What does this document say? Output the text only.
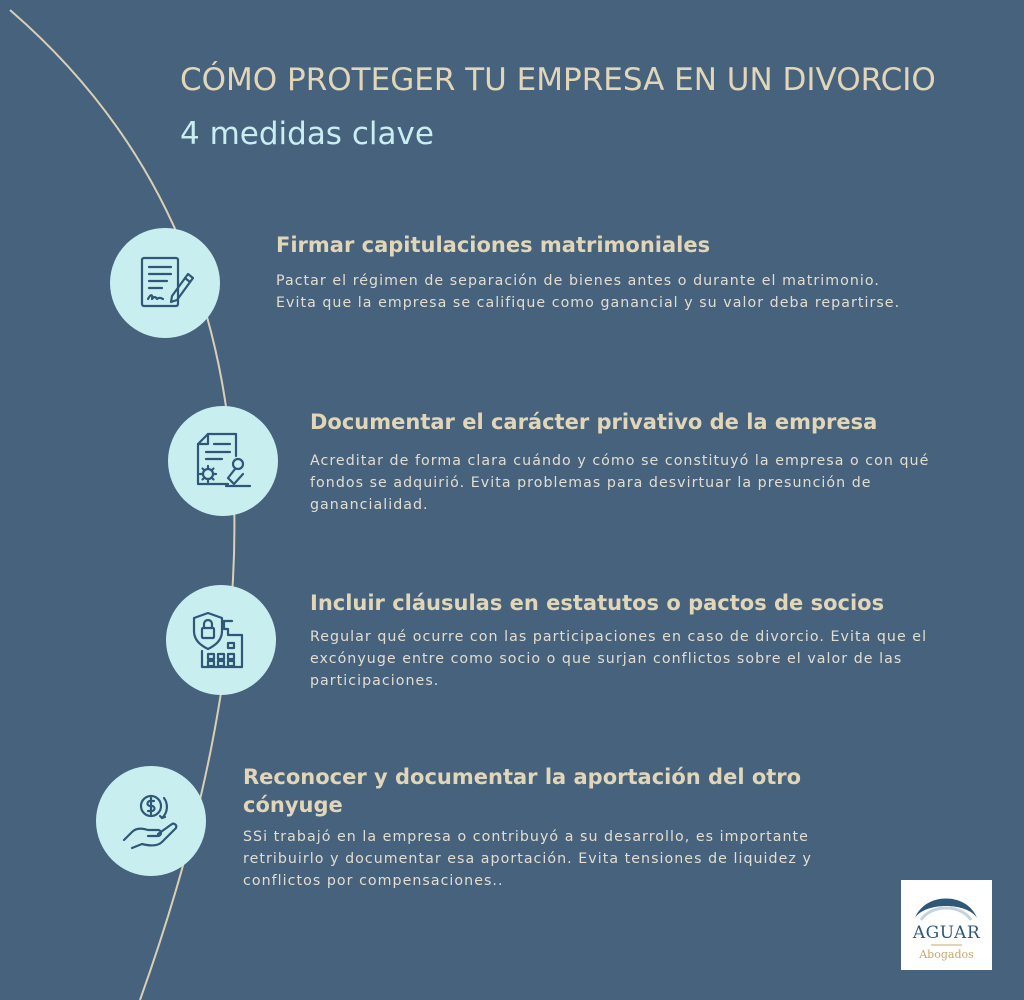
CÓMO PROTEGER TU EMPRESA EN UN DIVORCIO
4 medidas clave
Firmar capitulaciones matrimoniales
Pactar el régimen de separación de bienes antes o durante el matrimonio. Evita que la empresa se califique como ganancial y su valor deba repartirse.
Documentar el carácter privativo de la empresa
Acreditar de forma clara cuándo y cómo se constituyó la empresa o con qué fondos se adquirió. Evita problemas para desvirtuar la presunción de ganancialidad.
Incluir cláusulas en estatutos o pactos de socios
Regular qué ocurre con las participaciones en caso de divorcio. Evita que el excónyuge entre como socio o que surjan conflictos sobre el valor de las participaciones.
Reconocer y documentar la aportación del otro cónyuge
SSi trabajó en la empresa o contribuyó a su desarrollo, es importante retribuirlo y documentar esa aportación. Evita tensiones de liquidez y conflictos por compensaciones..
AGUAR
Abogados
